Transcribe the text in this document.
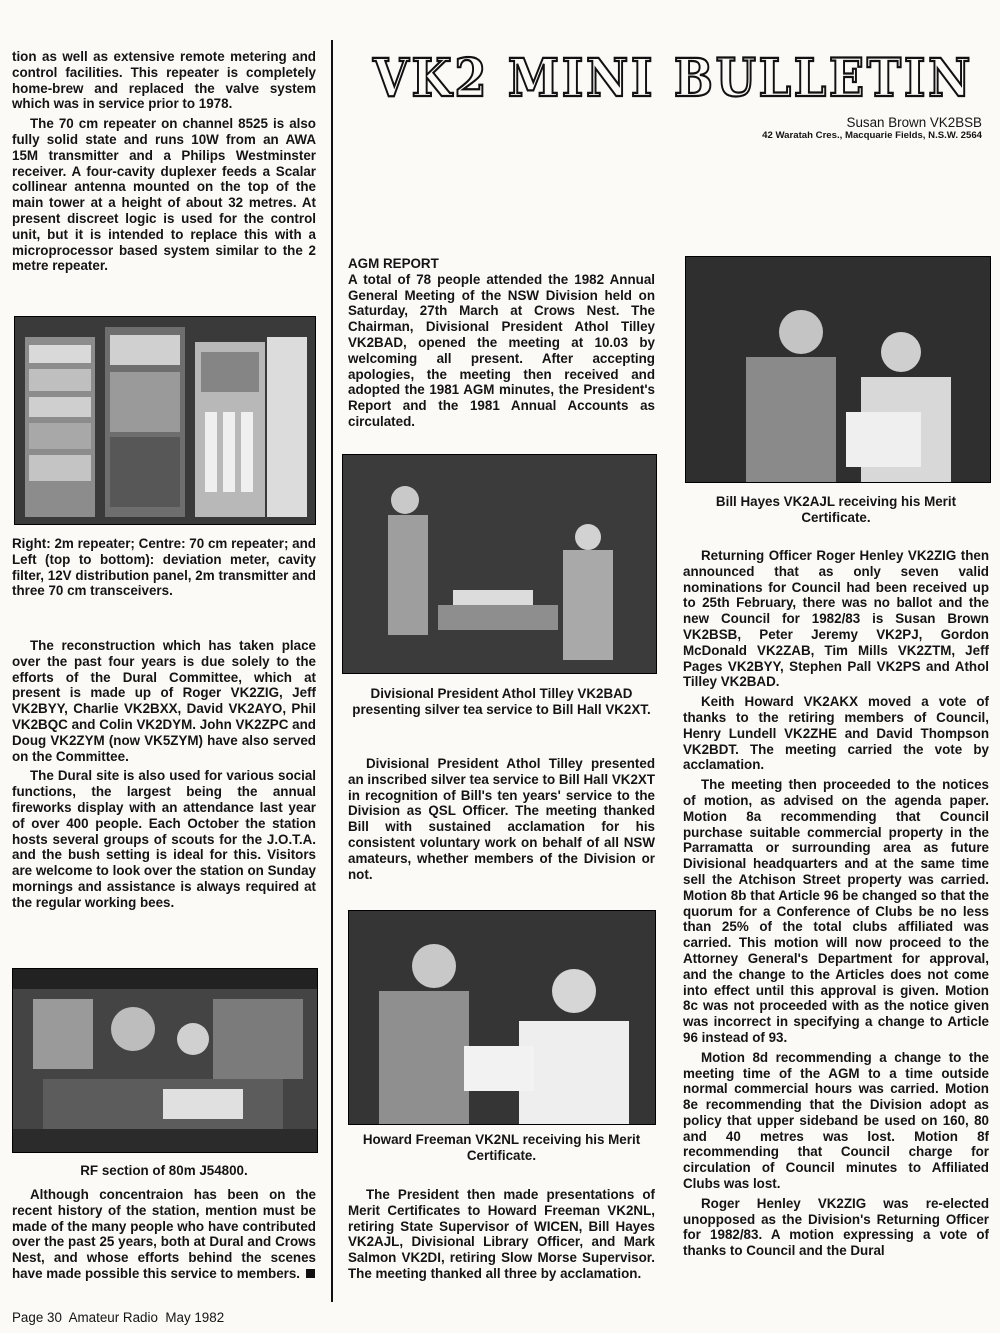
tion as well as extensive remote metering and control facilities. This repeater is completely home-brew and replaced the valve system which was in service prior to 1978.

The 70 cm repeater on channel 8525 is also fully solid state and runs 10W from an AWA 15M transmitter and a Philips Westminster receiver. A four-cavity duplexer feeds a Scalar collinear antenna mounted on the top of the main tower at a height of about 32 metres. At present discreet logic is used for the control unit, but it is intended to replace this with a microprocessor based system similar to the 2 metre repeater.

Right: 2m repeater; Centre: 70 cm repeater; and Left (top to bottom): deviation meter, cavity filter, 12V distribution panel, 2m transmitter and three 70 cm transceivers.

The reconstruction which has taken place over the past four years is due solely to the efforts of the Dural Committee, which at present is made up of Roger VK2ZIG, Jeff VK2BYY, Charlie VK2BXX, David VK2AYO, Phil VK2BQC and Colin VK2DYM. John VK2ZPC and Doug VK2ZYM (now VK5ZYM) have also served on the Committee.

The Dural site is also used for various social functions, the largest being the annual fireworks display with an attendance last year of over 400 people. Each October the station hosts several groups of scouts for the J.O.T.A. and the bush setting is ideal for this. Visitors are welcome to look over the station on Sunday mornings and assistance is always required at the regular working bees.

RF section of 80m J54800.

Although concentraion has been on the recent history of the station, mention must be made of the many people who have contributed over the past 25 years, both at Dural and Crows Nest, and whose efforts behind the scenes have made possible this service to members.

VK2 MINI BULLETIN
Susan Brown VK2BSB
42 Waratah Cres., Macquarie Fields, N.S.W. 2564
AGM REPORT

A total of 78 people attended the 1982 Annual General Meeting of the NSW Division held on Saturday, 27th March at Crows Nest. The Chairman, Divisional President Athol Tilley VK2BAD, opened the meeting at 10.03 by welcoming all present. After accepting apologies, the meeting then received and adopted the 1981 AGM minutes, the President's Report and the 1981 Annual Accounts as circulated.

Divisional President Athol Tilley VK2BAD presenting silver tea service to Bill Hall VK2XT.

Divisional President Athol Tilley presented an inscribed silver tea service to Bill Hall VK2XT in recognition of Bill's ten years' service to the Division as QSL Officer. The meeting thanked Bill with sustained acclamation for his consistent voluntary work on behalf of all NSW amateurs, whether members of the Division or not.

Howard Freeman VK2NL receiving his Merit Certificate.

The President then made presentations of Merit Certificates to Howard Freeman VK2NL, retiring State Supervisor of WICEN, Bill Hayes VK2AJL, Divisional Library Officer, and Mark Salmon VK2DI, retiring Slow Morse Supervisor. The meeting thanked all three by acclamation.

Bill Hayes VK2AJL receiving his Merit Certificate.

Returning Officer Roger Henley VK2ZIG then announced that as only seven valid nominations for Council had been received up to 25th February, there was no ballot and the new Council for 1982/83 is Susan Brown VK2BSB, Peter Jeremy VK2PJ, Gordon McDonald VK2ZAB, Tim Mills VK2ZTM, Jeff Pages VK2BYY, Stephen Pall VK2PS and Athol Tilley VK2BAD.

Keith Howard VK2AKX moved a vote of thanks to the retiring members of Council, Henry Lundell VK2ZHE and David Thompson VK2BDT. The meeting carried the vote by acclamation.

The meeting then proceeded to the notices of motion, as advised on the agenda paper. Motion 8a recommending that Council purchase suitable commercial property in the Parramatta or surrounding area as future Divisional headquarters and at the same time sell the Atchison Street property was carried. Motion 8b that Article 96 be changed so that the quorum for a Conference of Clubs be no less than 25% of the total clubs affiliated was carried. This motion will now proceed to the Attorney General's Department for approval, and the change to the Articles does not come into effect until this approval is given. Motion 8c was not proceeded with as the notice given was incorrect in specifying a change to Article 96 instead of 93.

Motion 8d recommending a change to the meeting time of the AGM to a time outside normal commercial hours was carried. Motion 8e recommending that the Division adopt as policy that upper sideband be used on 160, 80 and 40 metres was lost. Motion 8f recommending that Council charge for circulation of Council minutes to Affiliated Clubs was lost.

Roger Henley VK2ZIG was re-elected unopposed as the Division's Returning Officer for 1982/83. A motion expressing a vote of thanks to Council and the Dural

Page 30  Amateur Radio  May 1982
